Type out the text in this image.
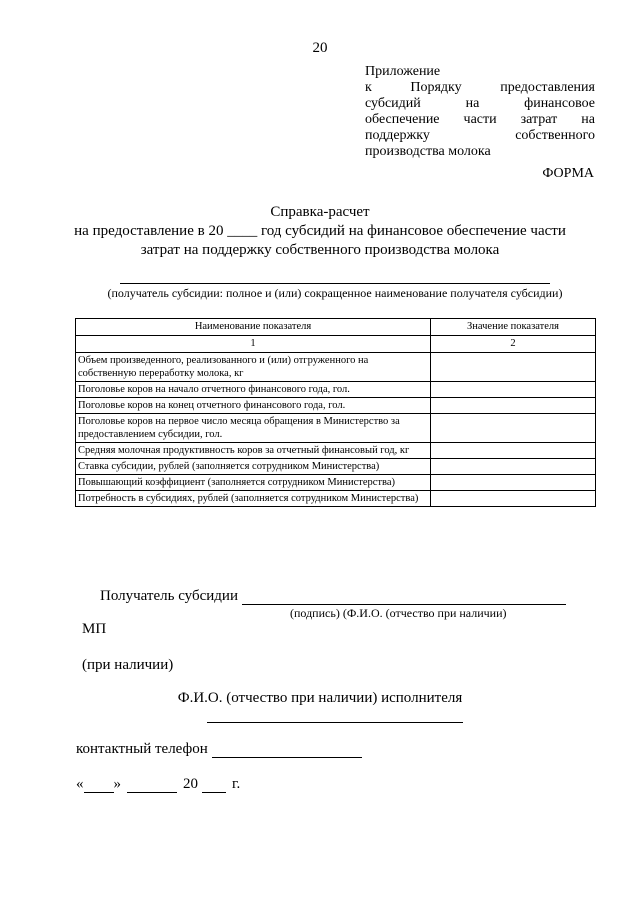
20
Приложение
к	Порядку	предоставления
субсидий	на	финансовое
обеспечение части затрат на
поддержку	собственного
производства молока
ФОРМА
Справка-расчет
на предоставление в 20 ____ год субсидий на финансовое обеспечение части
затрат на поддержку собственного производства молока
(получатель субсидии: полное и (или) сокращенное наименование получателя субсидии)
Наименование показателя	Значение показателя
1	2
Объем произведенного, реализованного и (или) отгруженного на собственную переработку молока, кг	
Поголовье коров на начало отчетного финансового года, гол.	
Поголовье коров на конец отчетного финансового года, гол.	
Поголовье коров на первое число месяца обращения в Министерство за предоставлением субсидии, гол.	
Средняя молочная продуктивность коров за отчетный финансовый год, кг	
Ставка субсидии, рублей (заполняется сотрудником Министерства)	
Повышающий коэффициент (заполняется сотрудником Министерства)	
Потребность в субсидиях, рублей (заполняется сотрудником Министерства)	
Получатель субсидии
(подпись) (Ф.И.О. (отчество при наличии)
МП
(при наличии)
Ф.И.О. (отчество при наличии) исполнителя
контактный телефон
« »	20 г.
